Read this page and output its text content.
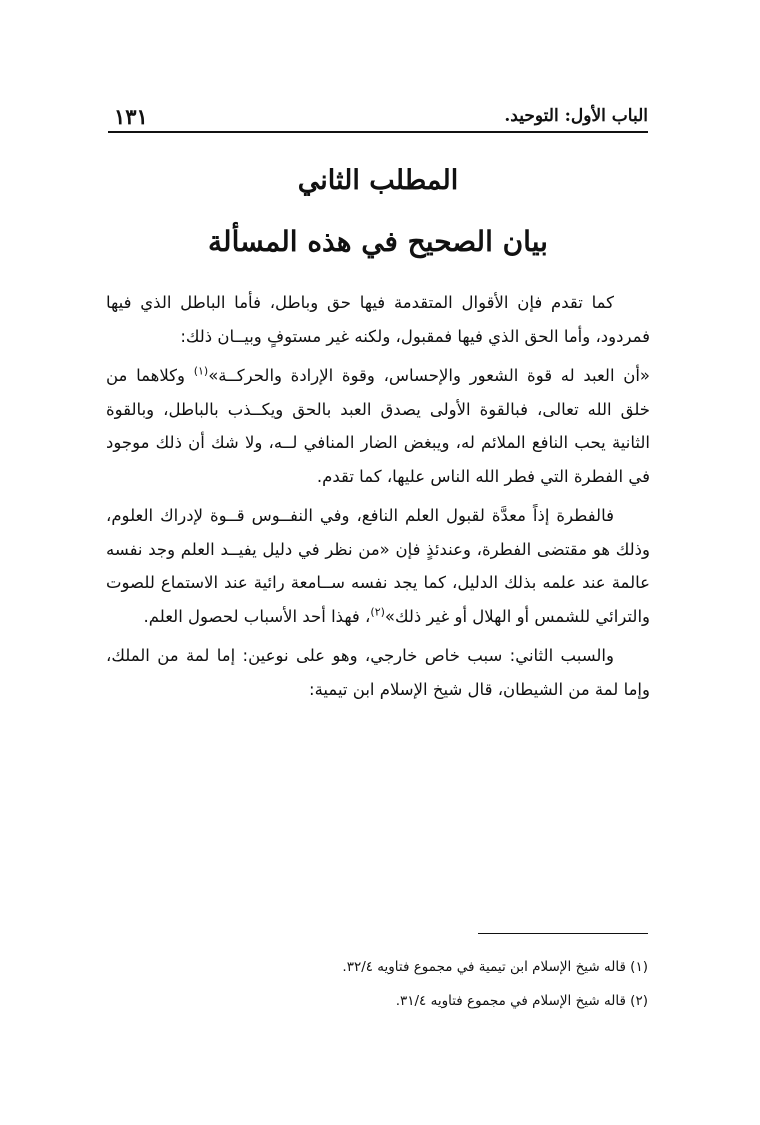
الباب الأول: التوحيد.
١٣١
المطلب الثاني
بيان الصحيح في هذه المسألة

كما تقدم فإن الأقوال المتقدمة فيها حق وباطل، فأما الباطل الذي فيها فمردود، وأما الحق الذي فيها فمقبول، ولكنه غير مستوفٍ وبيــان ذلك:

«أن العبد له قوة الشعور والإحساس، وقوة الإرادة والحركــة»$^{(١)}$ وكلاهما من خلق الله تعالى، فبالقوة الأولى يصدق العبد بالحق ويكــذب بالباطل، وبالقوة الثانية يحب النافع الملائم له، ويبغض الضار المنافي لــه، ولا شك أن ذلك موجود في الفطرة التي فطر الله الناس عليها، كما تقدم.

فالفطرة إذاً معدَّة لقبول العلم النافع، وفي النفــوس قــوة لإدراك العلوم، وذلك هو مقتضى الفطرة، وعندئذٍ فإن «من نظر في دليل يفيــد العلم وجد نفسه عالمة عند علمه بذلك الدليل، كما يجد نفسه ســامعة رائية عند الاستماع للصوت والترائي للشمس أو الهلال أو غير ذلك»$^{(٢)}$، فهذا أحد الأسباب لحصول العلم.

والسبب الثاني: سبب خاص خارجي، وهو على نوعين: إما لمة من الملك، وإما لمة من الشيطان، قال شيخ الإسلام ابن تيمية:

(١) قاله شيخ الإسلام ابن تيمية في مجموع فتاويه ٣٢/٤.
(٢) قاله شيخ الإسلام في مجموع فتاويه ٣١/٤.
